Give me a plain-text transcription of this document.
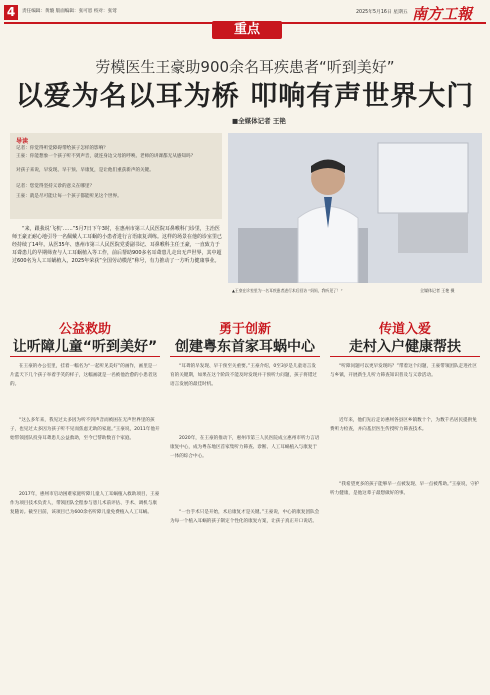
4	责任编辑：黄璇 版面编辑：张可恩 校对：张莺
重点
2025年5月16日 星期五 南方工報
劳模医生王豪助900余名耳疾患者“听到美好”
以爱为名以耳为桥 叩响有声世界大门
■全媒体记者 王艳
导读
记者：你觉得听觉障碍带给孩子怎样的影响？
王豪：你能想象一个孩子听不到声音，就连身边父母的呼唤、老师的讲课都无从感知吗？
对孩子来说，早发现、早干预、早康复，是让他们重获新声的关键。
记者：您觉得坚持义诊的意义在哪里？
王豪：就是尽可能让每一个孩子都能听见这个世界。
“来，跟我说‘飞机’……”5月7日下午3时，在惠州市第三人民医院耳鼻喉科门诊里，主治医师王豪正耐心地引导一名佩戴人工耳蜗的小患者进行言语康复训练。这样的场景在他的诊室里已经持续了14年。从医35年、惠州市第三人民医院党委副书记、耳鼻喉科主任王豪，一直致力于耳聋患儿的早期筛查与人工耳蜗植入等工作，前后帮助900多名耳聋患儿走出无声世界，其中超过600名为人工耳蜗植入，2025年荣获“全国劳动模范”称号，有力推动了一方听力健康事业。
▲王豪在诊室里为一名耳疾患者进行术后回访 “妈妈，我听见了！”	全媒体记者 王艳 摄
公益救助
让听障儿童“听到美好”
在王豪的办公室里，挂着一幅名为“一起听见美好”的画作，画里是一片蓝天下几个孩子举着手笑的样子，这幅画就是一名被他治愈的小患者送的。
“这么多年来，我见过太多因为听不到声音而被困在无声世界里的孩子，也见过太多因为孩子听不见而焦虑无助的家庭。”王豪说，2011年他开始带领团队投身耳聋患儿公益救助，至今已帮助数百个家庭。
2017年，惠州市启动困难家庭听障儿童人工耳蜗植入救助项目，王豪作为项目技术负责人，带领团队全程参与患儿术前评估、手术、调机与康复随访。截至目前，该项目已为600余名听障儿童免费植入人工耳蜗。
勇于创新
创建粤东首家耳蜗中心
“耳聋的早发现、早干预至关重要。”王豪介绍，0至3岁是儿童语言发育的关键期，如果在这个阶段不能及时发现并干预听力问题，孩子将错过语言发展的最佳时机。
2020年，在王豪的推动下，惠州市第三人民医院成立惠州市听力言语康复中心，成为粤东地区首家集听力筛查、诊断、人工耳蜗植入与康复于一体的综合中心。
“一台手术只是开始，术后康复才是关键。”王豪说，中心的康复团队会为每一个植入耳蜗的孩子制定个性化的康复方案，让孩子真正开口说话。
传道入爱
走村入户健康帮扶
“听障问题可以更早发现吗？”带着这个问题，王豪带领团队走进社区与乡镇，开展新生儿听力筛查知识普及与义诊活动。
近年来，他们先后走访惠州各县区乡镇数十个，为数千名居民提供免费听力检查，并向基层医生传授听力筛查技术。
“我希望更多的孩子能够早一点被发现、早一点被帮助。”王豪说，守护听力健康，是他这辈子最想做好的事。
